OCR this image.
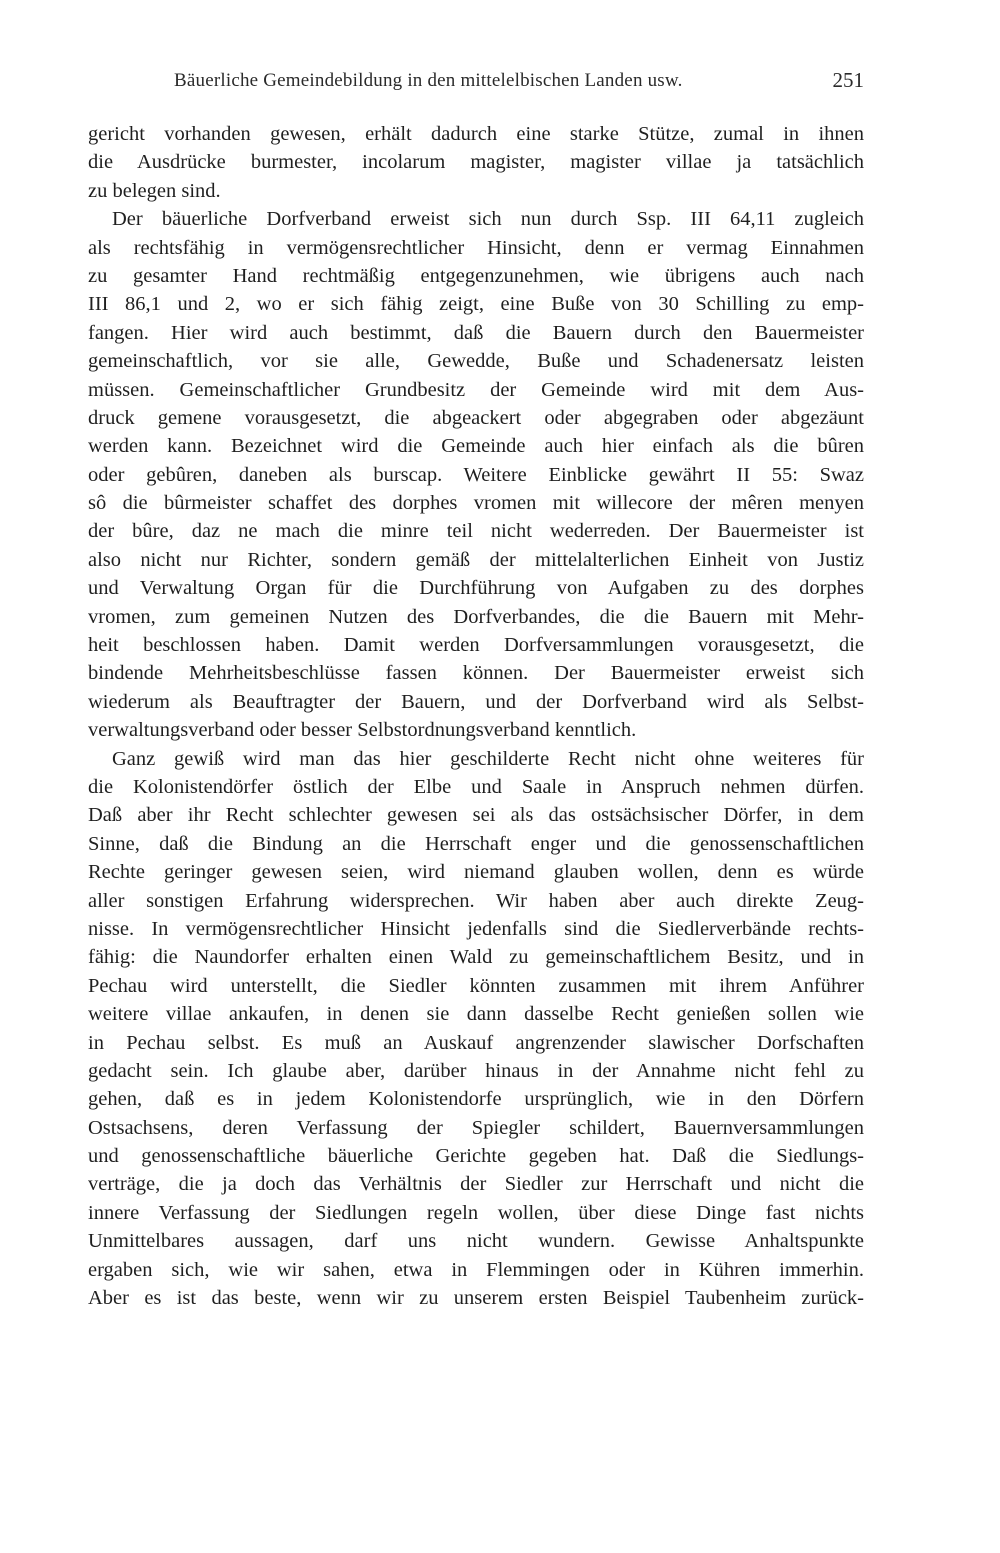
Bäuerliche Gemeindebildung in den mittelelbischen Landen usw.	251
gericht vorhanden gewesen, erhält dadurch eine starke Stütze, zumal in ihnen
die Ausdrücke burmester, incolarum magister, magister villae ja tatsächlich
zu belegen sind.
Der bäuerliche Dorfverband erweist sich nun durch Ssp. III 64,11 zugleich
als rechtsfähig in vermögensrechtlicher Hinsicht, denn er vermag Einnahmen
zu gesamter Hand rechtmäßig entgegenzunehmen, wie übrigens auch nach
III 86,1 und 2, wo er sich fähig zeigt, eine Buße von 30 Schilling zu emp-
fangen. Hier wird auch bestimmt, daß die Bauern durch den Bauermeister
gemeinschaftlich, vor sie alle, Gewedde, Buße und Schadenersatz leisten
müssen. Gemeinschaftlicher Grundbesitz der Gemeinde wird mit dem Aus-
druck gemene vorausgesetzt, die abgeackert oder abgegraben oder abgezäunt
werden kann. Bezeichnet wird die Gemeinde auch hier einfach als die bûren
oder gebûren, daneben als burscap. Weitere Einblicke gewährt II 55: Swaz
sô die bûrmeister schaffet des dorphes vromen mit willecore der mêren menyen
der bûre, daz ne mach die minre teil nicht wederreden. Der Bauermeister ist
also nicht nur Richter, sondern gemäß der mittelalterlichen Einheit von Justiz
und Verwaltung Organ für die Durchführung von Aufgaben zu des dorphes
vromen, zum gemeinen Nutzen des Dorfverbandes, die die Bauern mit Mehr-
heit beschlossen haben. Damit werden Dorfversammlungen vorausgesetzt, die
bindende Mehrheitsbeschlüsse fassen können. Der Bauermeister erweist sich
wiederum als Beauftragter der Bauern, und der Dorfverband wird als Selbst-
verwaltungsverband oder besser Selbstordnungsverband kenntlich.
Ganz gewiß wird man das hier geschilderte Recht nicht ohne weiteres für
die Kolonistendörfer östlich der Elbe und Saale in Anspruch nehmen dürfen.
Daß aber ihr Recht schlechter gewesen sei als das ostsächsischer Dörfer, in dem
Sinne, daß die Bindung an die Herrschaft enger und die genossenschaftlichen
Rechte geringer gewesen seien, wird niemand glauben wollen, denn es würde
aller sonstigen Erfahrung widersprechen. Wir haben aber auch direkte Zeug-
nisse. In vermögensrechtlicher Hinsicht jedenfalls sind die Siedlerverbände rechts-
fähig: die Naundorfer erhalten einen Wald zu gemeinschaftlichem Besitz, und in
Pechau wird unterstellt, die Siedler könnten zusammen mit ihrem Anführer
weitere villae ankaufen, in denen sie dann dasselbe Recht genießen sollen wie
in Pechau selbst. Es muß an Auskauf angrenzender slawischer Dorfschaften
gedacht sein. Ich glaube aber, darüber hinaus in der Annahme nicht fehl zu
gehen, daß es in jedem Kolonistendorfe ursprünglich, wie in den Dörfern
Ostsachsens, deren Verfassung der Spiegler schildert, Bauernversammlungen
und genossenschaftliche bäuerliche Gerichte gegeben hat. Daß die Siedlungs-
verträge, die ja doch das Verhältnis der Siedler zur Herrschaft und nicht die
innere Verfassung der Siedlungen regeln wollen, über diese Dinge fast nichts
Unmittelbares aussagen, darf uns nicht wundern. Gewisse Anhaltspunkte
ergaben sich, wie wir sahen, etwa in Flemmingen oder in Kühren immerhin.
Aber es ist das beste, wenn wir zu unserem ersten Beispiel Taubenheim zurück-
